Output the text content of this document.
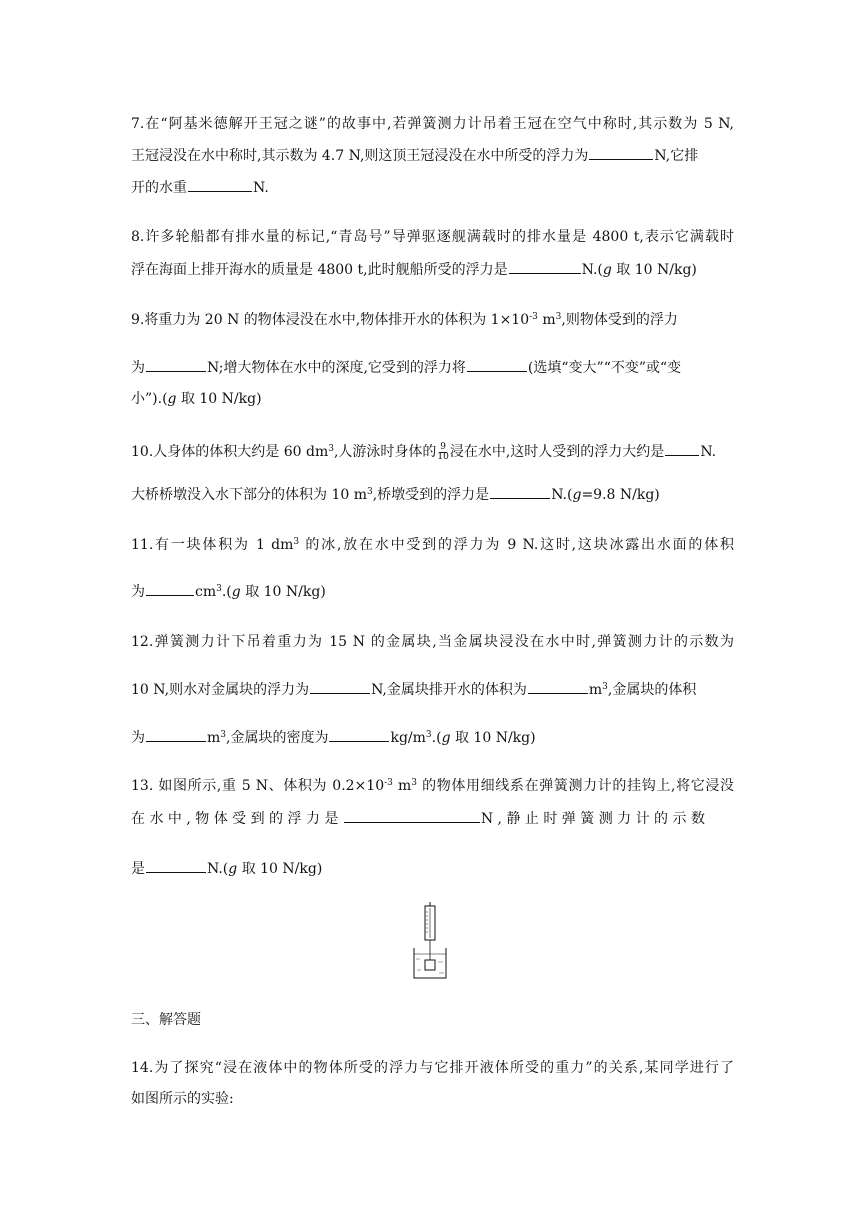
7.在“阿基米德解开王冠之谜”的故事中,若弹簧测力计吊着王冠在空气中称时,其示数为 5 N,
王冠浸没在水中称时,其示数为 4.7 N,则这顶王冠浸没在水中所受的浮力为	N,它排
开的水重	N.
8.许多轮船都有排水量的标记,“青岛号”导弹驱逐舰满载时的排水量是 4800 t,表示它满载时
浮在海面上排开海水的质量是 4800 t,此时舰船所受的浮力是	N.(g 取 10 N/kg)
9.将重力为 20 N 的物体浸没在水中,物体排开水的体积为 $1\times 10^{-3}$ $m^3$,则物体受到的浮力
为	N;增大物体在水中的深度,它受到的浮力将	(选填“变大”“不变”或“变
小”).(g 取 10 N/kg)
10.人身体的体积大约是 60 $dm^3$,人游泳时身体的 $\frac{9}{10}$ 浸在水中,这时人受到的浮力大约是	N.
大桥桥墩没入水下部分的体积为 10 $m^3$,桥墩受到的浮力是	N.(g=9.8 N/kg)
11.有一块体积为 1 $dm^3$ 的冰,放在水中受到的浮力为 9 N.这时,这块冰露出水面的体积
为	$cm^3.(g$ 取 10 N/kg)
12.弹簧测力计下吊着重力为 15 N 的金属块,当金属块浸没在水中时,弹簧测力计的示数为
10 N,则水对金属块的浮力为	N,金属块排开水的体积为	$m^3$,金属块的体积
为	$m^3$,金属块的密度为	$kg/m^3.(g$ 取 10 N/kg)
13. 如图所示,重 5 N、体积为 $0.2\times 10^{-3}$ $m^3$ 的物体用细线系在弹簧测力计的挂钩上,将它浸没
在 水 中 , 物 体 受 到 的 浮 力 是	N , 静 止 时 弹 簧 测 力 计 的 示 数
是	N.(g 取 10 N/kg)
三、解答题
14.为了探究“浸在液体中的物体所受的浮力与它排开液体所受的重力”的关系,某同学进行了
如图所示的实验:
